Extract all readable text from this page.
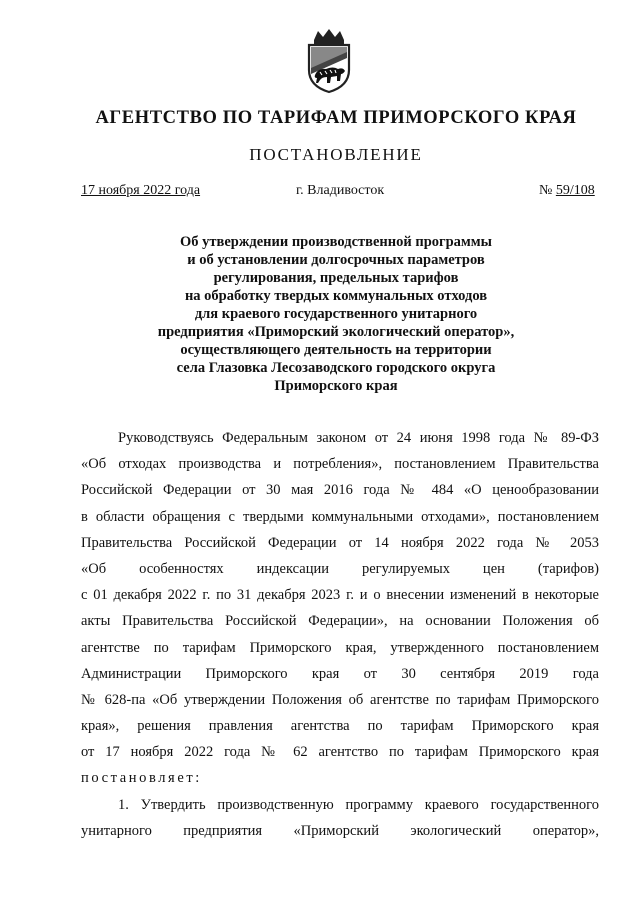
АГЕНТСТВО ПО ТАРИФАМ ПРИМОРСКОГО КРАЯ
ПОСТАНОВЛЕНИЕ
17 ноября 2022 года	г. Владивосток	№ 59/108
Об утверждении производственной программы
и об установлении долгосрочных параметров
регулирования, предельных тарифов
на обработку твердых коммунальных отходов
для краевого государственного унитарного
предприятия «Приморский экологический оператор»,
осуществляющего деятельность на территории
села Глазовка Лесозаводского городского округа
Приморского края
Руководствуясь Федеральным законом от 24 июня 1998 года № 89-ФЗ
«Об отходах производства и потребления», постановлением Правительства
Российской Федерации от 30 мая 2016 года № 484 «О ценообразовании
в области обращения с твердыми коммунальными отходами», постановлением
Правительства Российской Федерации от 14 ноября 2022 года № 2053
«Об особенностях индексации регулируемых цен (тарифов)
с 01 декабря 2022 г. по 31 декабря 2023 г. и о внесении изменений в некоторые
акты Правительства Российской Федерации», на основании Положения об
агентстве по тарифам Приморского края, утвержденного постановлением
Администрации Приморского края от 30 сентября 2019 года
№ 628-па «Об утверждении Положения об агентстве по тарифам Приморского
края», решения правления агентства по тарифам Приморского края
от 17 ноября 2022 года № 62 агентство по тарифам Приморского края
постановляет:
1. Утвердить производственную программу краевого государственного
унитарного предприятия «Приморский экологический оператор»,
